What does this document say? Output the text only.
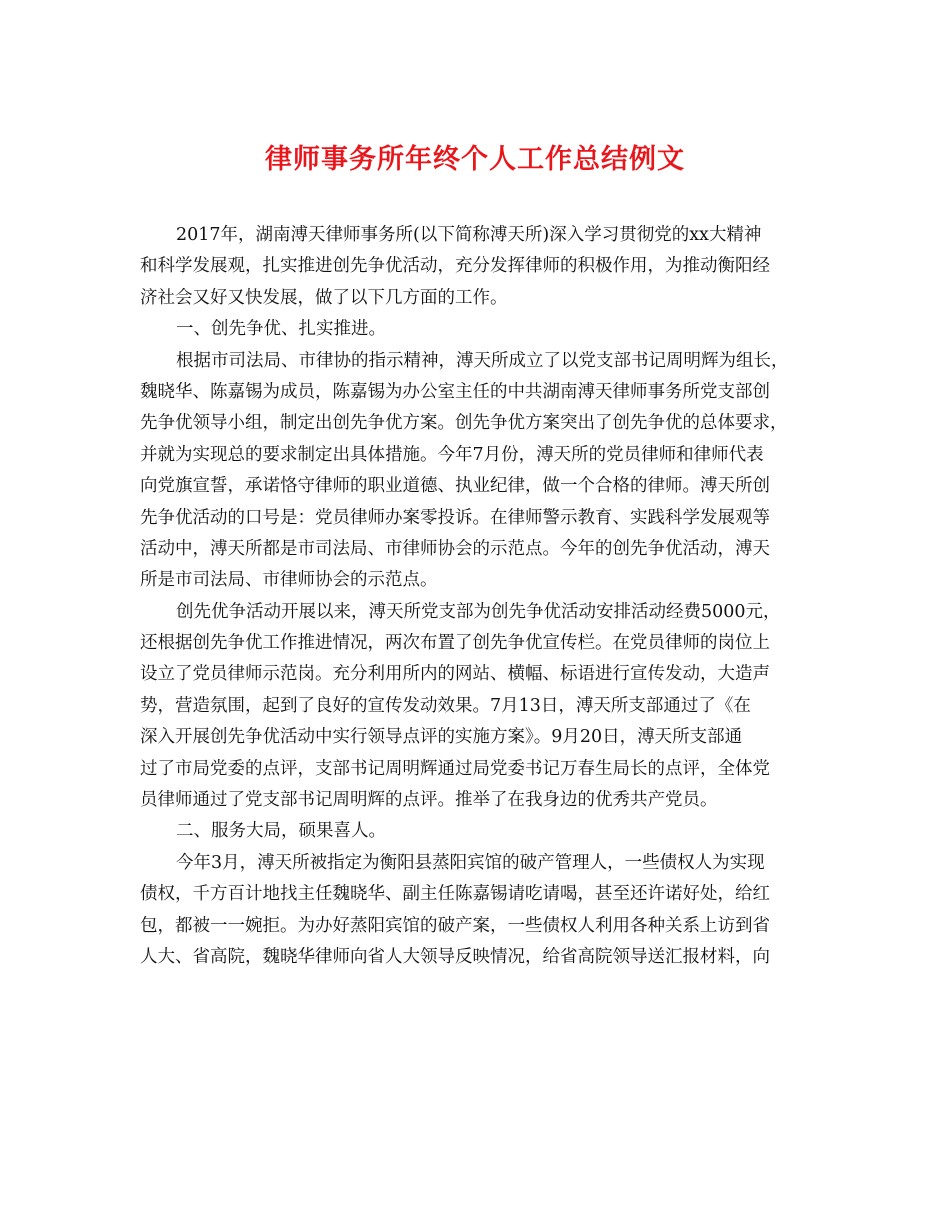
律师事务所年终个人工作总结例文
2017年，湖南溥天律师事务所(以下简称溥天所)深入学习贯彻党的xx大精神
和科学发展观，扎实推进创先争优活动，充分发挥律师的积极作用，为推动衡阳经
济社会又好又快发展，做了以下几方面的工作。
一、创先争优、扎实推进。
根据市司法局、市律协的指示精神，溥天所成立了以党支部书记周明辉为组长，
魏晓华、陈嘉锡为成员，陈嘉锡为办公室主任的中共湖南溥天律师事务所党支部创
先争优领导小组，制定出创先争优方案。创先争优方案突出了创先争优的总体要求，
并就为实现总的要求制定出具体措施。今年7月份，溥天所的党员律师和律师代表
向党旗宣誓，承诺恪守律师的职业道德、执业纪律，做一个合格的律师。溥天所创
先争优活动的口号是：党员律师办案零投诉。在律师警示教育、实践科学发展观等
活动中，溥天所都是市司法局、市律师协会的示范点。今年的创先争优活动，溥天
所是市司法局、市律师协会的示范点。
创先优争活动开展以来，溥天所党支部为创先争优活动安排活动经费5000元，
还根据创先争优工作推进情况，两次布置了创先争优宣传栏。在党员律师的岗位上
设立了党员律师示范岗。充分利用所内的网站、横幅、标语进行宣传发动，大造声
势，营造氛围，起到了良好的宣传发动效果。7月13日，溥天所支部通过了《在
深入开展创先争优活动中实行领导点评的实施方案》。9月20日，溥天所支部通
过了市局党委的点评，支部书记周明辉通过局党委书记万春生局长的点评，全体党
员律师通过了党支部书记周明辉的点评。推举了在我身边的优秀共产党员。
二、服务大局，硕果喜人。
今年3月，溥天所被指定为衡阳县蒸阳宾馆的破产管理人，一些债权人为实现
债权，千方百计地找主任魏晓华、副主任陈嘉锡请吃请喝，甚至还许诺好处，给红
包，都被一一婉拒。为办好蒸阳宾馆的破产案，一些债权人利用各种关系上访到省
人大、省高院，魏晓华律师向省人大领导反映情况，给省高院领导送汇报材料，向
